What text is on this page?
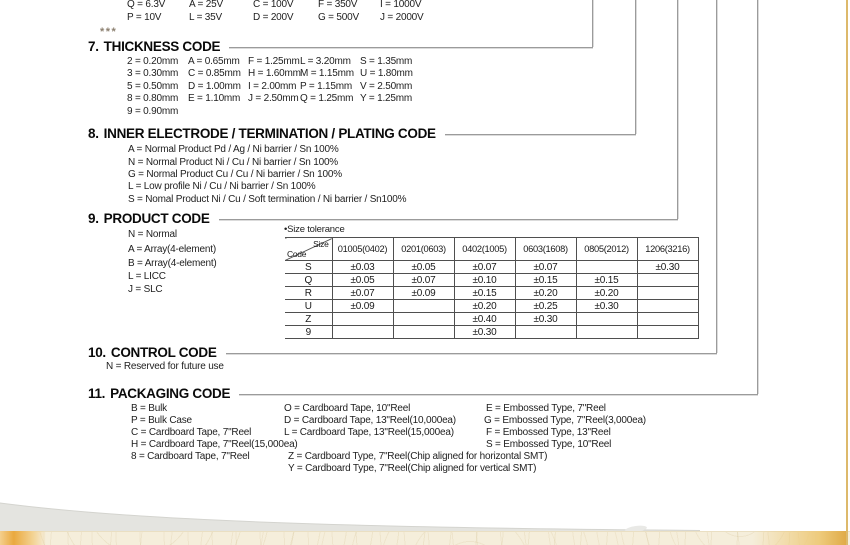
Q = 6.3V A = 25V	C = 100V F = 350V I = 1000V
P = 10V	L = 35V	D = 200V G = 500V J = 2000V
***
7. THICKNESS CODE
2 = 0.20mm A = 0.65mm F = 1.25mm L = 3.20mm S = 1.35mm
3 = 0.30mm C = 0.85mm H = 1.60mm M = 1.15mm U = 1.80mm
5 = 0.50mm D = 1.00mm I = 2.00mm P = 1.15mm V = 2.50mm
8 = 0.80mm E = 1.10mm J = 2.50mm Q = 1.25mm Y = 1.25mm
9 = 0.90mm
8. INNER ELECTRODE / TERMINATION / PLATING CODE
A = Normal Product Pd / Ag / Ni barrier / Sn 100%
N = Normal Product Ni / Cu / Ni barrier / Sn 100%
G = Normal Product Cu / Cu / Ni barrier / Sn 100%
L = Low profile Ni / Cu / Ni barrier / Sn 100%
S = Nomal Product Ni / Cu / Soft termination / Ni barrier / Sn100%
9. PRODUCT CODE
N = Normal
A = Array(4-element)
B = Array(4-element)
L = LICC
J = SLC
•Size tolerance
Size
Code	01005(0402)	0201(0603)	0402(1005)	0603(1608)	0805(2012)	1206(3216)
S	±0.03	±0.05	±0.07	±0.07		±0.30
Q	±0.05	±0.07	±0.10	±0.15	±0.15	
R	±0.07	±0.09	±0.15	±0.20	±0.20	
U	±0.09		±0.20	±0.25	±0.30	
Z			±0.40	±0.30		
9			±0.30			
10. CONTROL CODE
N = Reserved for future use
11. PACKAGING CODE
B = Bulk
P = Bulk Case
C = Cardboard Tape, 7"Reel
H = Cardboard Tape, 7"Reel(15,000ea)
8 = Cardboard Tape, 7"Reel
O = Cardboard Tape, 10"Reel
D = Cardboard Tape, 13"Reel(10,000ea)
L = Cardboard Tape, 13"Reel(15,000ea)
Z = Cardboard Type, 7"Reel(Chip aligned for horizontal SMT)
Y = Cardboard Type, 7"Reel(Chip aligned for vertical SMT)
E = Embossed Type, 7"Reel
G = Embossed Type, 7"Reel(3,000ea)
F = Embossed Type, 13"Reel
S = Embossed Type, 10"Reel
